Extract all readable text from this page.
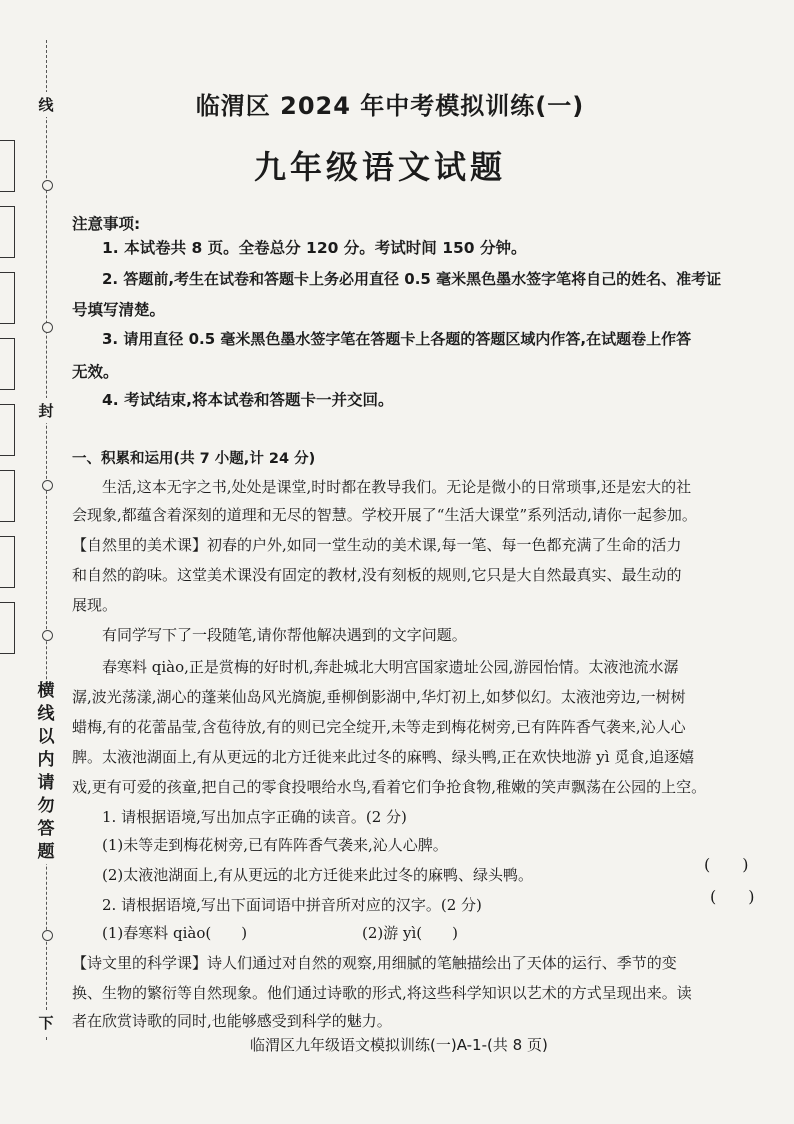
线
封
下
横
线
以
内
请
勿
答
题
临渭区 2024 年中考模拟训练(一)
九年级语文试题
注意事项:
1. 本试卷共 8 页。全卷总分 120 分。考试时间 150 分钟。
2. 答题前,考生在试卷和答题卡上务必用直径 0.5 毫米黑色墨水签字笔将自己的姓名、准考证
号填写清楚。
3. 请用直径 0.5 毫米黑色墨水签字笔在答题卡上各题的答题区域内作答,在试题卷上作答
无效。
4. 考试结束,将本试卷和答题卡一并交回。
一、积累和运用(共 7 小题,计 24 分)
生活,这本无字之书,处处是课堂,时时都在教导我们。无论是微小的日常琐事,还是宏大的社
会现象,都蕴含着深刻的道理和无尽的智慧。学校开展了“生活大课堂”系列活动,请你一起参加。
【自然里的美术课】初春的户外,如同一堂生动的美术课,每一笔、每一色都充满了生命的活力
和自然的韵味。这堂美术课没有固定的教材,没有刻板的规则,它只是大自然最真实、最生动的
展现。
有同学写下了一段随笔,请你帮他解决遇到的文字问题。
春寒料 qiào,正是赏梅的好时机,奔赴城北大明宫国家遗址公园,游园怡情。太液池流水潺
潺,波光荡漾,湖心的蓬莱仙岛风光旖旎,垂柳倒影湖中,华灯初上,如梦似幻。太液池旁边,一树树
蜡梅,有的花蕾晶莹,含苞待放,有的则已完全绽开,未等走到梅花树旁,已有阵阵香气袭来,沁人心
脾。太液池湖面上,有从更远的北方迁徙来此过冬的麻鸭、绿头鸭,正在欢快地游 yì 觅食,追逐嬉
戏,更有可爱的孩童,把自己的零食投喂给水鸟,看着它们争抢食物,稚嫩的笑声飘荡在公园的上空。
1. 请根据语境,写出加点字正确的读音。(2 分)
(1)未等走到梅花树旁,已有阵阵香气袭来,沁人心脾。
(2)太液池湖面上,有从更远的北方迁徙来此过冬的麻鸭、绿头鸭。
(　　)
(　　)
2. 请根据语境,写出下面词语中拼音所对应的汉字。(2 分)
(1)春寒料 qiào(　　)	(2)游 yì(　　)
【诗文里的科学课】诗人们通过对自然的观察,用细腻的笔触描绘出了天体的运行、季节的变
换、生物的繁衍等自然现象。他们通过诗歌的形式,将这些科学知识以艺术的方式呈现出来。读
者在欣赏诗歌的同时,也能够感受到科学的魅力。
临渭区九年级语文模拟训练(一)A-1-(共 8 页)
